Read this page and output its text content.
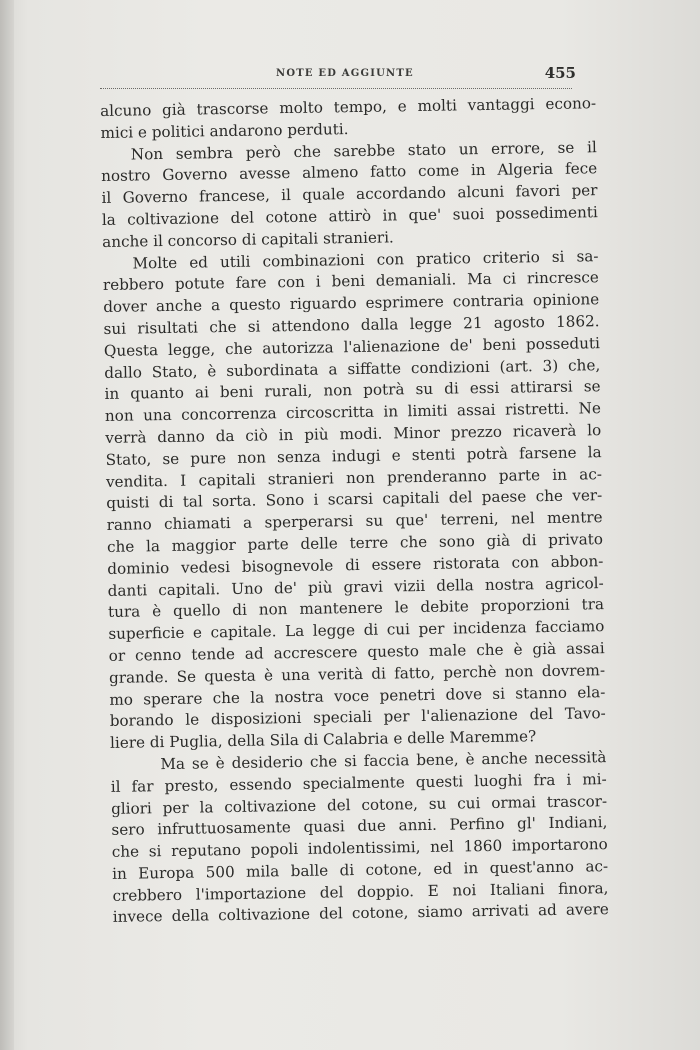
NOTE ED AGGIUNTE	455
alcuno già trascorse molto tempo, e molti vantaggi econo-
mici e politici andarono perduti.
Non sembra però che sarebbe stato un errore, se il
nostro Governo avesse almeno fatto come in Algeria fece
il Governo francese, il quale accordando alcuni favori per
la coltivazione del cotone attirò in que' suoi possedimenti
anche il concorso di capitali stranieri.
Molte ed utili combinazioni con pratico criterio si sa-
rebbero potute fare con i beni demaniali. Ma ci rincresce
dover anche a questo riguardo esprimere contraria opinione
sui risultati che si attendono dalla legge 21 agosto 1862.
Questa legge, che autorizza l'alienazione de' beni posseduti
dallo Stato, è subordinata a siffatte condizioni (art. 3) che,
in quanto ai beni rurali, non potrà su di essi attirarsi se
non una concorrenza circoscritta in limiti assai ristretti. Ne
verrà danno da ciò in più modi. Minor prezzo ricaverà lo
Stato, se pure non senza indugi e stenti potrà farsene la
vendita. I capitali stranieri non prenderanno parte in ac-
quisti di tal sorta. Sono i scarsi capitali del paese che ver-
ranno chiamati a sperperarsi su que' terreni, nel mentre
che la maggior parte delle terre che sono già di privato
dominio vedesi bisognevole di essere ristorata con abbon-
danti capitali. Uno de' più gravi vizii della nostra agricol-
tura è quello di non mantenere le debite proporzioni tra
superficie e capitale. La legge di cui per incidenza facciamo
or cenno tende ad accrescere questo male che è già assai
grande. Se questa è una verità di fatto, perchè non dovrem-
mo sperare che la nostra voce penetri dove si stanno ela-
borando le disposizioni speciali per l'alienazione del Tavo-
liere di Puglia, della Sila di Calabria e delle Maremme?
Ma se è desiderio che si faccia bene, è anche necessità
il far presto, essendo specialmente questi luoghi fra i mi-
gliori per la coltivazione del cotone, su cui ormai trascor-
sero infruttuosamente quasi due anni. Perfino gl' Indiani,
che si reputano popoli indolentissimi, nel 1860 importarono
in Europa 500 mila balle di cotone, ed in quest'anno ac-
crebbero l'importazione del doppio. E noi Italiani finora,
invece della coltivazione del cotone, siamo arrivati ad avere
